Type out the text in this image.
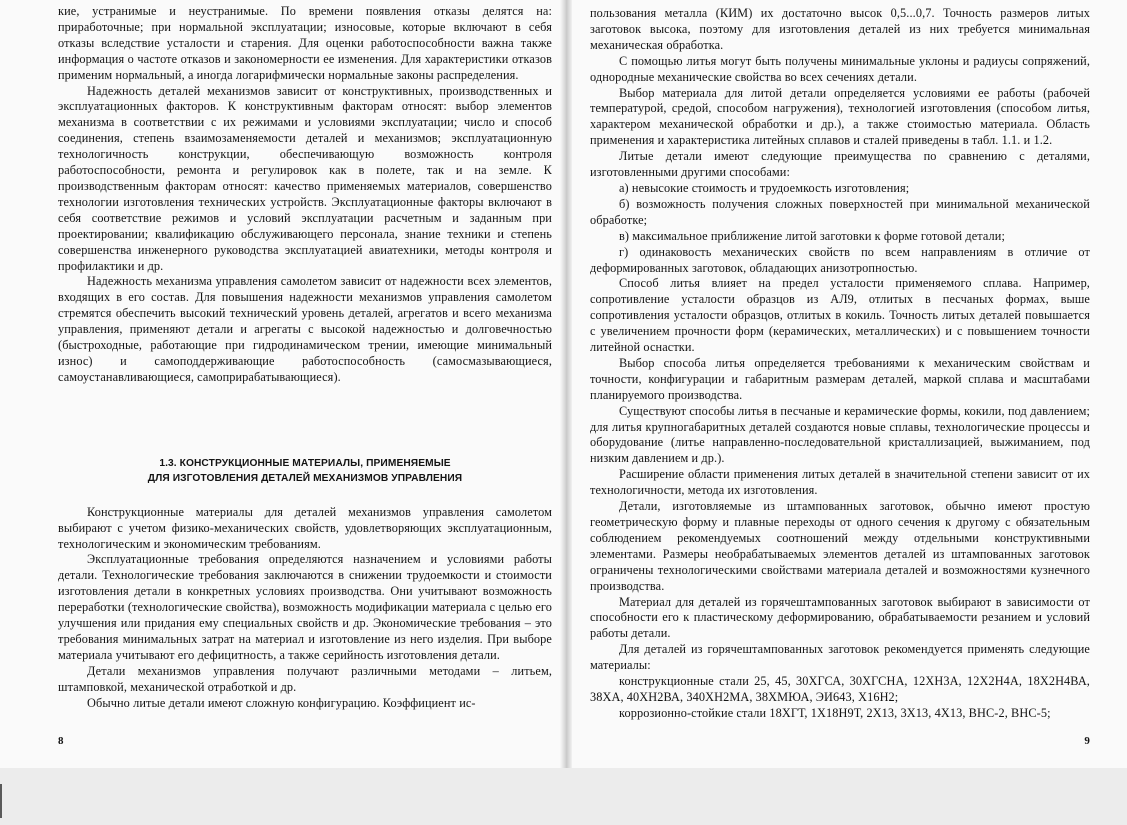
кие, устранимые и неустранимые. По времени появления отказы делятся на: приработочные; при нормальной эксплуатации; износовые, которые включают в себя отказы вследствие усталости и старения. Для оценки работоспособности важна также информация о частоте отказов и закономерности ее изменения. Для характеристики отказов применим нормальный, а иногда логарифмически нормальные законы распределения.

Надежность деталей механизмов зависит от конструктивных, производственных и эксплуатационных факторов. К конструктивным факторам относят: выбор элементов механизма в соответствии с их режимами и условиями эксплуатации; число и способ соединения, степень взаимозаменяемости деталей и механизмов; эксплуатационную технологичность конструкции, обеспечивающую возможность контроля работоспособности, ремонта и регулировок как в полете, так и на земле. К производственным факторам относят: качество применяемых материалов, совершенство технологии изготовления технических устройств. Эксплуатационные факторы включают в себя соответствие режимов и условий эксплуатации расчетным и заданным при проектировании; квалификацию обслуживающего персонала, знание техники и степень совершенства инженерного руководства эксплуатацией авиатехники, методы контроля и профилактики и др.

Надежность механизма управления самолетом зависит от надежности всех элементов, входящих в его состав. Для повышения надежности механизмов управления самолетом стремятся обеспечить высокий технический уровень деталей, агрегатов и всего механизма управления, применяют детали и агрегаты с высокой надежностью и долговечностью (быстроходные, работающие при гидродинамическом трении, имеющие минимальный износ) и самоподдерживающие работоспособность (самосмазывающиеся, самоустанавливающиеся, самоприрабатывающиеся).

1.3. КОНСТРУКЦИОННЫЕ МАТЕРИАЛЫ, ПРИМЕНЯЕМЫЕ
ДЛЯ ИЗГОТОВЛЕНИЯ ДЕТАЛЕЙ МЕХАНИЗМОВ УПРАВЛЕНИЯ

Конструкционные материалы для деталей механизмов управления самолетом выбирают с учетом физико-механических свойств, удовлетворяющих эксплуатационным, технологическим и экономическим требованиям.

Эксплуатационные требования определяются назначением и условиями работы детали. Технологические требования заключаются в снижении трудоемкости и стоимости изготовления детали в конкретных условиях производства. Они учитывают возможность переработки (технологические свойства), возможность модификации материала с целью его улучшения или придания ему специальных свойств и др. Экономические требования – это требования минимальных затрат на материал и изготовление из него изделия. При выборе материала учитывают его дефицитность, а также серийность изготовления детали.

Детали механизмов управления получают различными методами – литьем, штамповкой, механической отработкой и др.

Обычно литые детали имеют сложную конфигурацию. Коэффициент ис-

8

пользования металла (КИМ) их достаточно высок 0,5...0,7. Точность размеров литых заготовок высока, поэтому для изготовления деталей из них требуется минимальная механическая обработка.

С помощью литья могут быть получены минимальные уклоны и радиусы сопряжений, однородные механические свойства во всех сечениях детали.

Выбор материала для литой детали определяется условиями ее работы (рабочей температурой, средой, способом нагружения), технологией изготовления (способом литья, характером механической обработки и др.), а также стоимостью материала. Область применения и характеристика литейных сплавов и сталей приведены в табл. 1.1. и 1.2.

Литые детали имеют следующие преимущества по сравнению с деталями, изготовленными другими способами:

а) невысокие стоимость и трудоемкость изготовления;

б) возможность получения сложных поверхностей при минимальной механической обработке;

в) максимальное приближение литой заготовки к форме готовой детали;

г) одинаковость механических свойств по всем направлениям в отличие от деформированных заготовок, обладающих анизотропностью.

Способ литья влияет на предел усталости применяемого сплава. Например, сопротивление усталости образцов из АЛ9, отлитых в песчаных формах, выше сопротивления усталости образцов, отлитых в кокиль. Точность литых деталей повышается с увеличением прочности форм (керамических, металлических) и с повышением точности литейной оснастки.

Выбор способа литья определяется требованиями к механическим свойствам и точности, конфигурации и габаритным размерам деталей, маркой сплава и масштабами планируемого производства.

Существуют способы литья в песчаные и керамические формы, кокили, под давлением; для литья крупногабаритных деталей создаются новые сплавы, технологические процессы и оборудование (литье направленно-последовательной кристаллизацией, выжиманием, под низким давлением и др.).

Расширение области применения литых деталей в значительной степени зависит от их технологичности, метода их изготовления.

Детали, изготовляемые из штампованных заготовок, обычно имеют простую геометрическую форму и плавные переходы от одного сечения к другому с обязательным соблюдением рекомендуемых соотношений между отдельными конструктивными элементами. Размеры необрабатываемых элементов деталей из штампованных заготовок ограничены технологическими свойствами материала деталей и возможностями кузнечного производства.

Материал для деталей из горячештампованных заготовок выбирают в зависимости от способности его к пластическому деформированию, обрабатываемости резанием и условий работы детали.

Для деталей из горячештампованных заготовок рекомендуется применять следующие материалы:

конструкционные стали 25, 45, 30ХГСА, 30ХГСНА, 12ХН3А, 12Х2Н4А, 18Х2Н4ВА, 38ХА, 40ХН2ВА, 340ХН2МА, 38ХМЮА, ЭИ643, Х16Н2;

коррозионно-стойкие стали 18ХГТ, 1Х18Н9Т, 2Х13, 3Х13, 4Х13, ВНС-2, ВНС-5;

9
